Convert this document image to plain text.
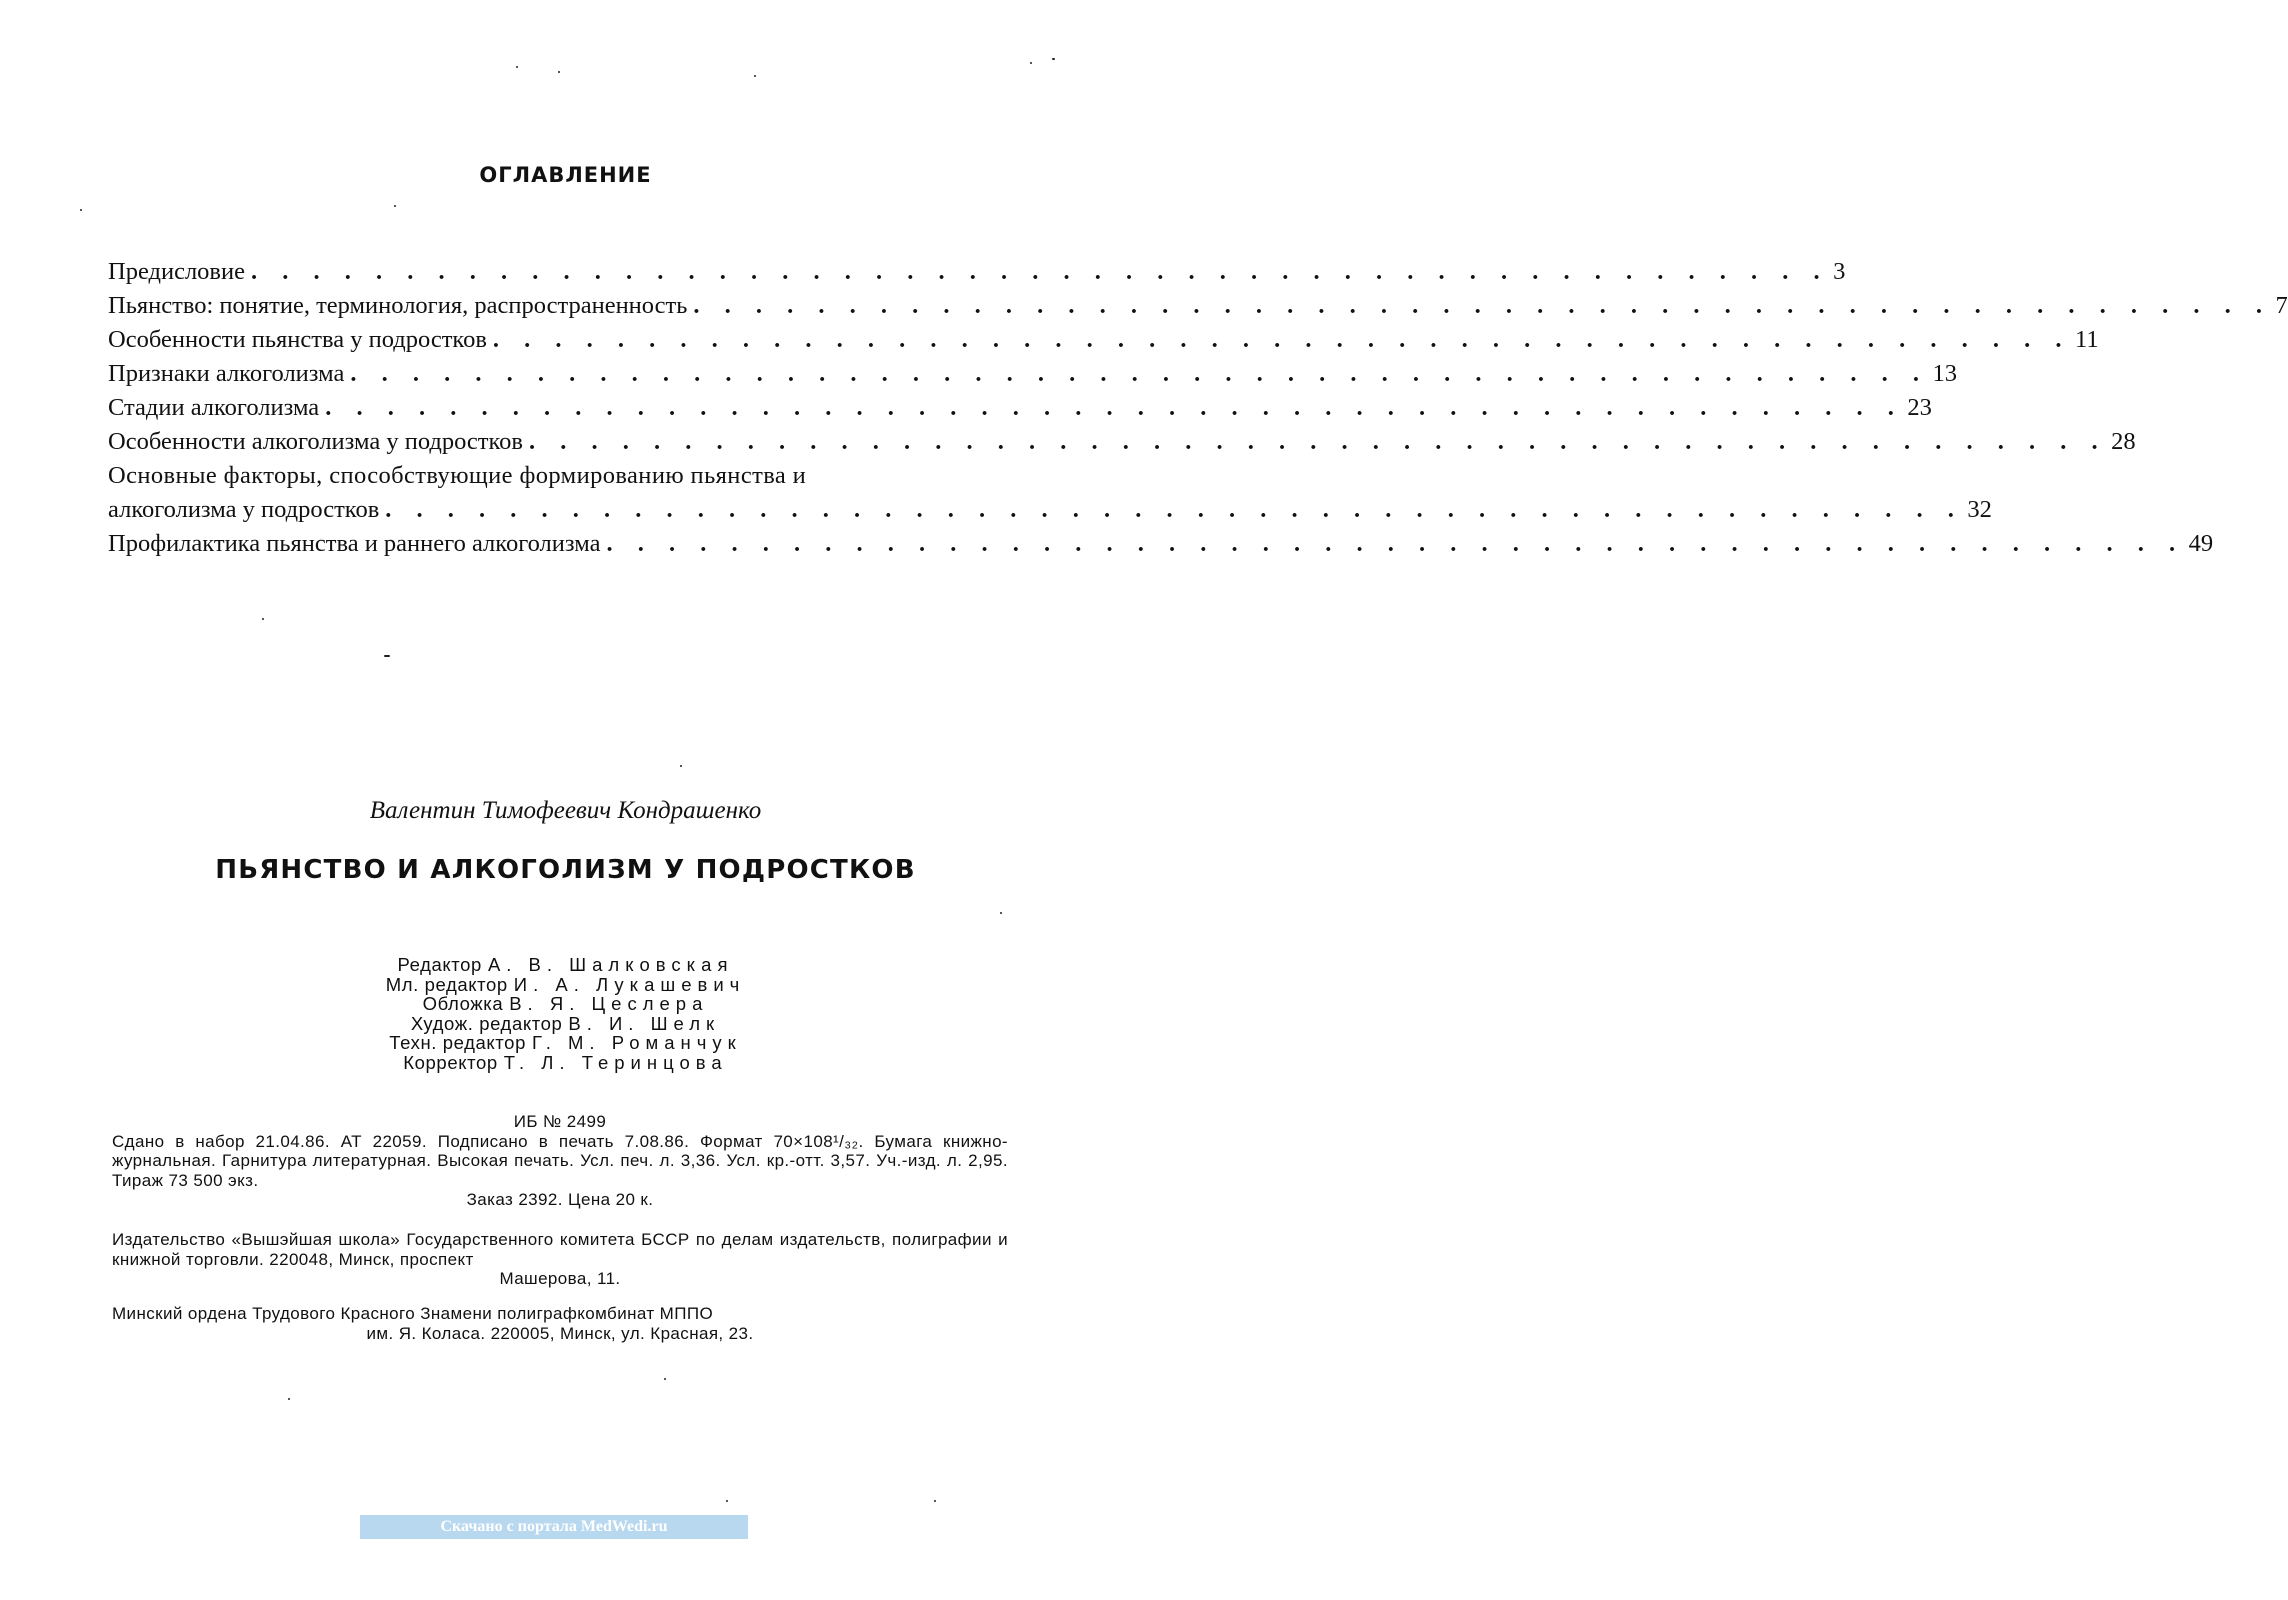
ОГЛАВЛЕНИЕ
Предисловие . . . . . . . . . . . . . . . . . . . . . . . . . . . . . . . . . . . . . . . . . . . . . . . . . . . 3
Пьянство: понятие, терминология, распространенность . . . . . . . . . . . . . . . . . . . . . . . . . . . . . . . . . . . . . . . . . . . . . . . . . . . 7
Особенности пьянства у подростков . . . . . . . . . . . . . . . . . . . . . . . . . . . . . . . . . . . . . . . . . . . . . . . . . . . 11
Признаки алкоголизма . . . . . . . . . . . . . . . . . . . . . . . . . . . . . . . . . . . . . . . . . . . . . . . . . . . 13
Стадии алкоголизма . . . . . . . . . . . . . . . . . . . . . . . . . . . . . . . . . . . . . . . . . . . . . . . . . . . 23
Особенности алкоголизма у подростков . . . . . . . . . . . . . . . . . . . . . . . . . . . . . . . . . . . . . . . . . . . . . . . . . . . 28
Основные факторы, способствующие формированию пьянства и
алкоголизма у подростков . . . . . . . . . . . . . . . . . . . . . . . . . . . . . . . . . . . . . . . . . . . . . . . . . . . 32
Профилактика пьянства и раннего алкоголизма . . . . . . . . . . . . . . . . . . . . . . . . . . . . . . . . . . . . . . . . . . . . . . . . . . . 49
Валентин Тимофеевич Кондрашенко
ПЬЯНСТВО И АЛКОГОЛИЗМ У ПОДРОСТКОВ
Редактор А. В. Шалковская
Мл. редактор И. А. Лукашевич
Обложка В. Я. Цеслера
Худож. редактор В. И. Шелк
Техн. редактор Г. М. Романчук
Корректор Т. Л. Теринцова
ИБ № 2499
Сдано в набор 21.04.86. АТ 22059. Подписано в печать 7.08.86. Формат 70×108¹/₃₂. Бумага книжно-журнальная. Гарнитура литературная. Высокая печать. Усл. печ. л. 3,36. Усл. кр.-отт. 3,57. Уч.-изд. л. 2,95. Тираж 73 500 экз.
Заказ 2392. Цена 20 к.
Издательство «Вышэйшая школа» Государственного комитета БССР по делам издательств, полиграфии и книжной торговли. 220048, Минск, проспект
Машерова, 11.
Минский ордена Трудового Красного Знамени полиграфкомбинат МППО
им. Я. Коласа. 220005, Минск, ул. Красная, 23.
Скачано с портала MedWedi.ru
